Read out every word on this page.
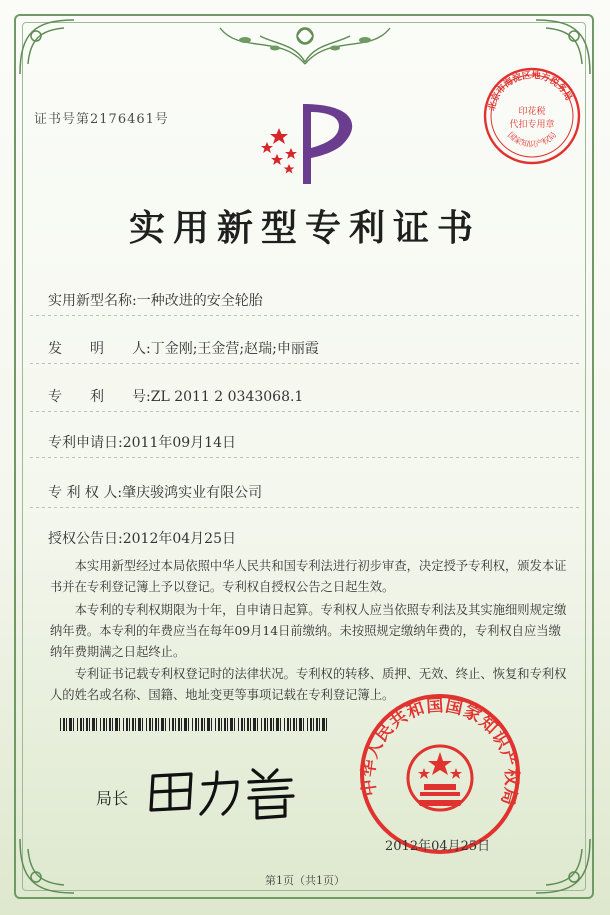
证书号第2176461号
北京市海淀区地方税务局
印花税
代扣专用章
国家知识产权局
实用新型专利证书
实用新型名称:一种改进的安全轮胎
发　　明　　人:丁金刚;王金营;赵瑞;申丽霞
专　　利　　号:ZL 2011 2 0343068.1
专利申请日:2011年09月14日
专 利 权 人:肇庆骏鸿实业有限公司
授权公告日:2012年04月25日
本实用新型经过本局依照中华人民共和国专利法进行初步审查，决定授予专利权，颁发本证书并在专利登记簿上予以登记。专利权自授权公告之日起生效。
本专利的专利权期限为十年，自申请日起算。专利权人应当依照专利法及其实施细则规定缴纳年费。本专利的年费应当在每年09月14日前缴纳。未按照规定缴纳年费的，专利权自应当缴纳年费期满之日起终止。
专利证书记载专利权登记时的法律状况。专利权的转移、质押、无效、终止、恢复和专利权人的姓名或名称、国籍、地址变更等事项记载在专利登记簿上。
局长
田力普
中华人民共和国国家知识产权局
2012年04月25日
第1页（共1页）
